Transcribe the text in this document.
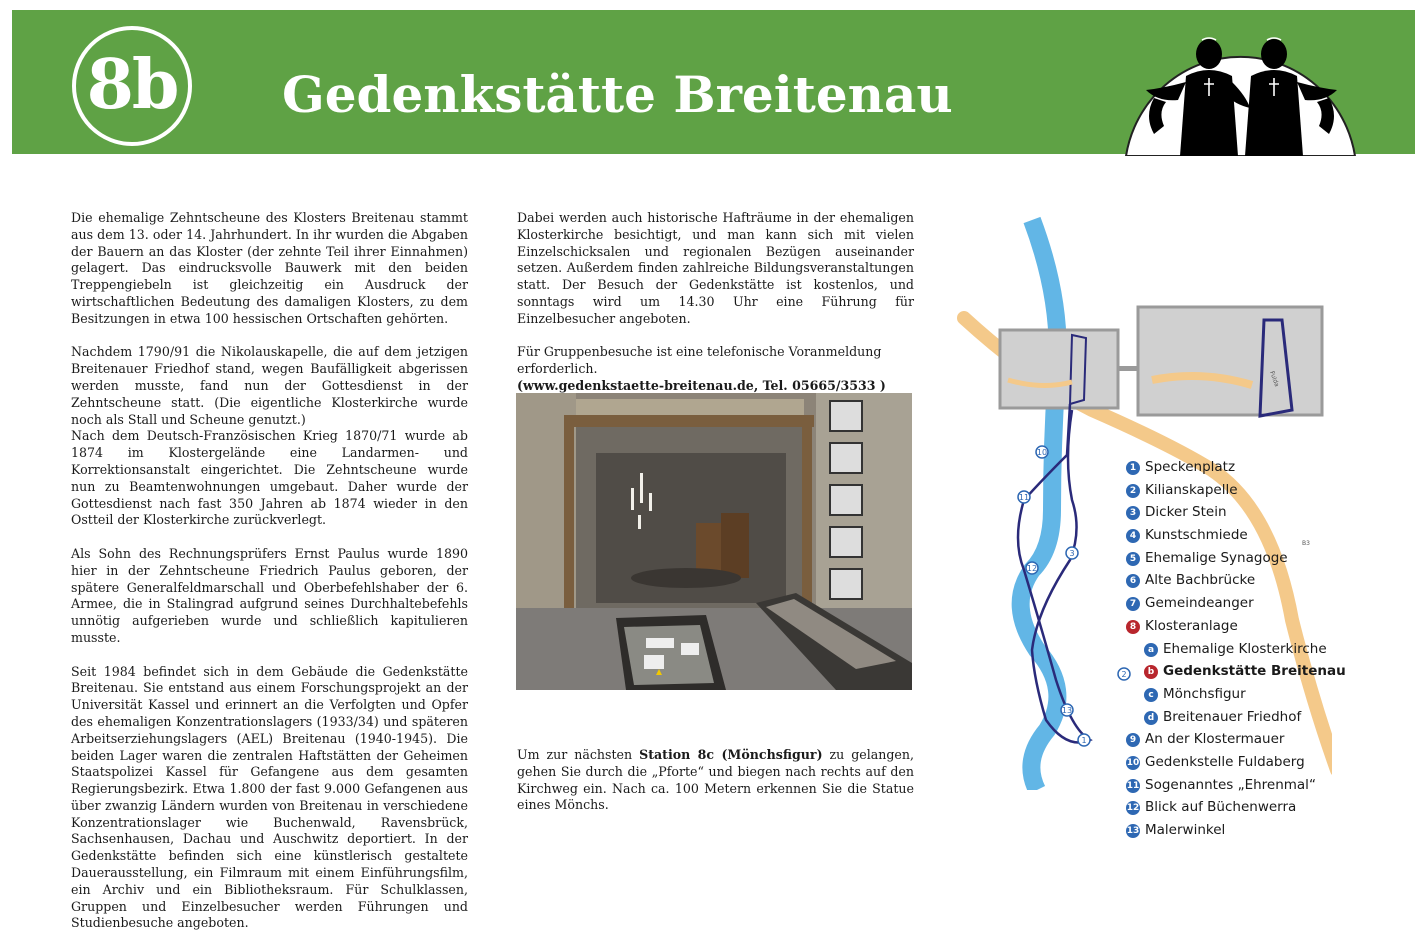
8b Gedenkstätte Breitenau

Die ehemalige Zehntscheune des Klosters Breitenau stammt aus dem 13. oder 14. Jahrhundert. In ihr wurden die Abgaben der Bauern an das Kloster (der zehnte Teil ihrer Einnahmen) gelagert. Das eindrucksvolle Bauwerk mit den beiden Treppengiebeln ist gleichzeitig ein Ausdruck der wirtschaftlichen Bedeutung des damaligen Klosters, zu dem Besitzungen in etwa 100 hessischen Ortschaften gehörten.

Nachdem 1790/91 die Nikolauskapelle, die auf dem jetzigen Breitenauer Friedhof stand, wegen Baufälligkeit abgerissen werden musste, fand nun der Gottesdienst in der Zehntscheune statt. (Die eigentliche Klosterkirche wurde noch als Stall und Scheune genutzt.)

Nach dem Deutsch-Französischen Krieg 1870/71 wurde ab 1874 im Klostergelände eine Landarmen- und Korrektionsanstalt eingerichtet. Die Zehntscheune wurde nun zu Beamtenwohnungen umgebaut. Daher wurde der Gottesdienst nach fast 350 Jahren ab 1874 wieder in den Ostteil der Klosterkirche zurückverlegt.

Als Sohn des Rechnungsprüfers Ernst Paulus wurde 1890 hier in der Zehntscheune Friedrich Paulus geboren, der spätere Generalfeldmarschall und Oberbefehlshaber der 6. Armee, die in Stalingrad aufgrund seines Durchhaltebefehls unnötig aufgerieben wurde und schließlich kapitulieren musste.

Seit 1984 befindet sich in dem Gebäude die Gedenkstätte Breitenau. Sie entstand aus einem Forschungsprojekt an der Universität Kassel und erinnert an die Verfolgten und Opfer des ehemaligen Konzentrationslagers (1933/34) und späteren Arbeitserziehungslagers (AEL) Breitenau (1940-1945). Die beiden Lager waren die zentralen Haftstätten der Geheimen Staatspolizei Kassel für Gefangene aus dem gesamten Regierungsbezirk. Etwa 1.800 der fast 9.000 Gefangenen aus über zwanzig Ländern wurden von Breitenau in verschiedene Konzentrationslager wie Buchenwald, Ravensbrück, Sachsenhausen, Dachau und Auschwitz deportiert. In der Gedenkstätte befinden sich eine künstlerisch gestaltete Dauerausstellung, ein Filmraum mit einem Einführungsfilm, ein Archiv und ein Bibliotheksraum. Für Schulklassen, Gruppen und Einzelbesucher werden Führungen und Studienbesuche angeboten.

Dabei werden auch historische Hafträume in der ehemaligen Klosterkirche besichtigt, und man kann sich mit vielen Einzelschicksalen und regionalen Bezügen auseinander setzen. Außerdem finden zahlreiche Bildungsveranstaltungen statt. Der Besuch der Gedenkstätte ist kostenlos, und sonntags wird um 14.30 Uhr eine Führung für Einzelbesucher angeboten.

Für Gruppenbesuche ist eine telefonische Voranmeldung erforderlich.

(www.gedenkstaette-breitenau.de, Tel. 05665/3533 )

Um zur nächsten Station 8c (Mönchsfigur) zu gelangen, gehen Sie durch die „Pforte“ und biegen nach rechts auf den Kirchweg ein. Nach ca. 100 Metern erkennen Sie die Statue eines Mönchs.
1
2
3
10
11
12
13
B3
Fulda
1 Speckenplatz
2 Kilianskapelle
3 Dicker Stein
4 Kunstschmiede
5 Ehemalige Synagoge
6 Alte Bachbrücke
7 Gemeindeanger
8 Klosteranlage
a Ehemalige Klosterkirche
b Gedenkstätte Breitenau
c Mönchsfigur
d Breitenauer Friedhof
9 An der Klostermauer
10 Gedenkstelle Fuldaberg
11 Sogenanntes „Ehrenmal“
12 Blick auf Büchenwerra
13 Malerwinkel
